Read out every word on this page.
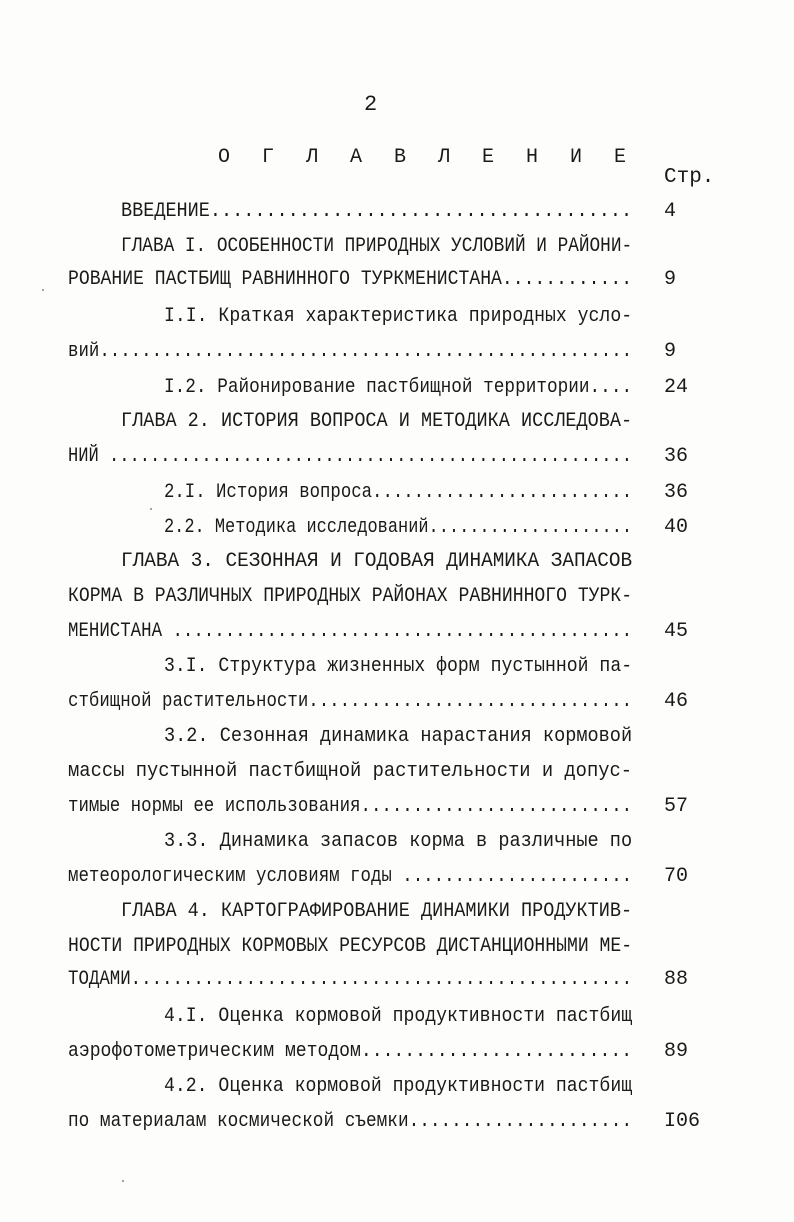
2
О Г Л А В Л Е Н И Е
Стр.
ВВЕДЕНИЕ...................................... 4
ГЛАВА I. ОСОБЕННОСТИ ПРИРОДНЫХ УСЛОВИЙ И РАЙОНИ-
РОВАНИЕ ПАСТБИЩ РАВНИННОГО ТУРКМЕНИСТАНА............ 9
I.I. Краткая характеристика природных усло-
вий................................................... 9
I.2. Районирование пастбищной территории.... 24
ГЛАВА 2. ИСТОРИЯ ВОПРОСА И МЕТОДИКА ИССЛЕДОВА-
НИЙ ................................................... 36
2.I. История вопроса......................... 36
2.2. Методика исследований.................... 40
ГЛАВА 3. СЕЗОННАЯ И ГОДОВАЯ ДИНАМИКА ЗАПАСОВ
КОРМА В РАЗЛИЧНЫХ ПРИРОДНЫХ РАЙОНАХ РАВНИННОГО ТУРК-
МЕНИСТАНА ............................................ 45
3.I. Структура жизненных форм пустынной па-
стбищной растительности............................... 46
3.2. Сезонная динамика нарастания кормовой
массы пустынной пастбищной растительности и допус-
тимые нормы ее использования.......................... 57
3.3. Динамика запасов корма в различные по
метеорологическим условиям годы ...................... 70
ГЛАВА 4. КАРТОГРАФИРОВАНИЕ ДИНАМИКИ ПРОДУКТИВ-
НОСТИ ПРИРОДНЫХ КОРМОВЫХ РЕСУРСОВ ДИСТАНЦИОННЫМИ МЕ-
ТОДАМИ................................................ 88
4.I. Оценка кормовой продуктивности пастбищ
аэрофотометрическим методом......................... 89
4.2. Оценка кормовой продуктивности пастбищ
по материалам космической съемки..................... I06
